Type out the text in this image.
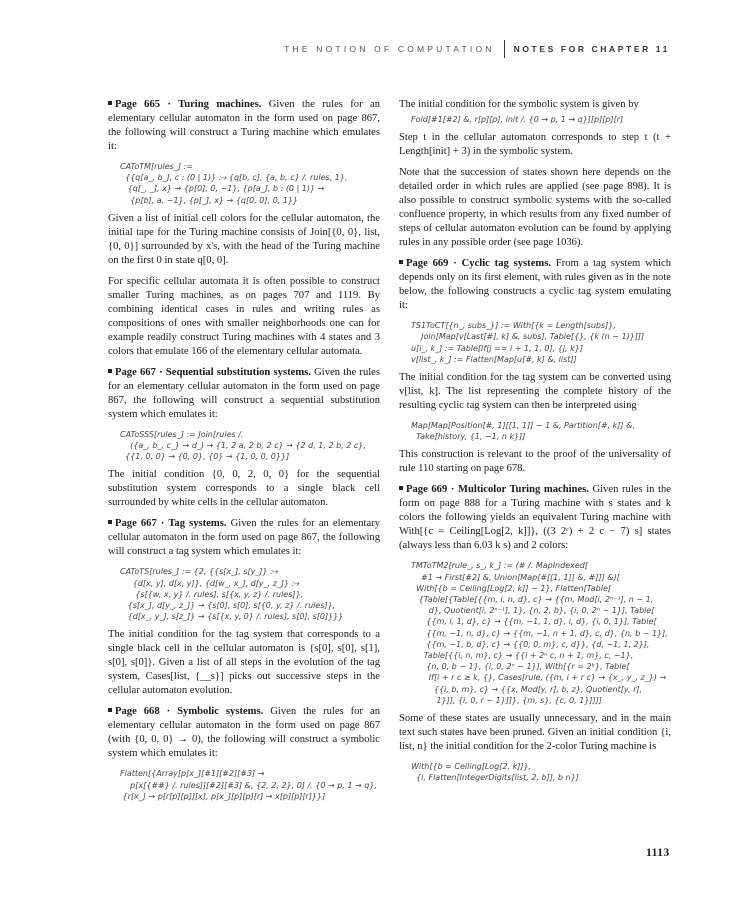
THE NOTION OF COMPUTATION NOTES FOR CHAPTER 11

Page 665 · Turing machines. Given the rules for an elementary cellular automaton in the form used on page 867, the following will construct a Turing machine which emulates it:

CAToTM[rules_] :=
{{q[a_, b_], c : (0 | 1)} ⧴ {q[b, c], {a, b, c} /. rules, 1},
{q[_, _], x} → {p[0], 0, −1}, {p[a_], b : (0 | 1)} →
{p[b], a, −1}, {p[_], x} → {q[0, 0], 0, 1}}

Given a list of initial cell colors for the cellular automaton, the initial tape for the Turing machine consists of Join[{0, 0}, list, {0, 0}] surrounded by x's, with the head of the Turing machine on the first 0 in state q[0, 0].

For specific cellular automata it is often possible to construct smaller Turing machines, as on pages 707 and 1119. By combining identical cases in rules and writing rules as compositions of ones with smaller neighborhoods one can for example readily construct Turing machines with 4 states and 3 colors that emulate 166 of the elementary cellular automata.

Page 667 · Sequential substitution systems. Given the rules for an elementary cellular automaton in the form used on page 867, the following will construct a sequential substitution system which emulates it:

CAToSSS[rules_] := Join[rules /.
({a_, b_, c_} → d_) → {1, 2 a, 2 b, 2 c} → {2 d, 1, 2 b, 2 c},
{{1, 0, 0} → {0, 0}, {0} → {1, 0, 0, 0}}]

The initial condition {0, 0, 2, 0, 0} for the sequential substitution system corresponds to a single black cell surrounded by white cells in the cellular automaton.

Page 667 · Tag systems. Given the rules for an elementary cellular automaton in the form used on page 867, the following will construct a tag system which emulates it:

CAToTS[rules_] := {2, {{s[x_], s[y_]} ⧴
{d[x, y], d[x, y]}, {d[w_, x_], d[y_, z_]} ⧴
{s[{w, x, y} /. rules], s[{x, y, z} /. rules]},
{s[x_], d[y_, z_]} → {s[0], s[0], s[{0, y, z} /. rules]},
{d[x_, y_], s[z_]} → {s[{x, y, 0} /. rules], s[0], s[0]}}}

The initial condition for the tag system that corresponds to a single black cell in the cellular automaton is {s[0], s[0], s[1], s[0], s[0]}. Given a list of all steps in the evolution of the tag system, Cases[list, {__s}] picks out successive steps in the cellular automaton evolution.

Page 668 · Symbolic systems. Given the rules for an elementary cellular automaton in the form used on page 867 (with {0, 0, 0} → 0), the following will construct a symbolic system which emulates it:

Flatten[{Array[p[x_][#1][#2][#3] →
p[x[{##} /. rules]][#2][#3] &, {2, 2, 2}, 0] /. {0 → p, 1 → q},
{r[x_] → p[r[p][p]][x], p[x_][p][p][r] → x[p][p][r]}}]

The initial condition for the symbolic system is given by

Fold[#1[#2] &, r[p][p], init /. {0 → p, 1 → q}][p][p][r]

Step t in the cellular automaton corresponds to step t (t + Length[init] + 3) in the symbolic system.

Note that the succession of states shown here depends on the detailed order in which rules are applied (see page 898). It is also possible to construct symbolic systems with the so-called confluence property, in which results from any fixed number of steps of cellular automaton evolution can be found by applying rules in any possible order (see page 1036).

Page 669 · Cyclic tag systems. From a tag system which depends only on its first element, with rules given as in the note below, the following constructs a cyclic tag system emulating it:

TS1ToCT[{n_, subs_}] := With[{k = Length[subs]},
Join[Map[v[Last[#], k] &, subs], Table[{}, {k (n − 1)}]]]
u[i_, k_] := Table[If[j == i + 1, 1, 0], {j, k}]
v[list_, k_] := Flatten[Map[u[#, k] &, list]]

The initial condition for the tag system can be converted using v[list, k]. The list representing the complete history of the resulting cyclic tag system can then be interpreted using

Map[Map[Position[#, 1][[1, 1]] − 1 &, Partition[#, k]] &,
Take[history, {1, −1, n k}]]

This construction is relevant to the proof of the universality of rule 110 starting on page 678.

Page 669 · Multicolor Turing machines. Given rules in the form on page 888 for a Turing machine with s states and k colors the following yields an equivalent Turing machine with With[{c = Ceiling[Log[2, k]]}, ((3 2ᶜ) + 2 c − 7) s] states (always less than 6.03 k s) and 2 colors:

TMToTM2[rule_, s_, k_] := (# /. MapIndexed[
#1 → First[#2] &, Union[Map[#[[1, 1]] &, #]]] &)[
With[{b = Ceiling[Log[2, k]] − 1}, Flatten[Table[
{Table[{Table[{{m, i, n, d}, c} → {{m, Mod[i, 2ⁿ⁻¹], n − 1,
d}, Quotient[i, 2ⁿ⁻¹], 1}, {n, 2, b}, {i, 0, 2ⁿ − 1}], Table[
{{m, i, 1, d}, c} → {{m, −1, 1, d}, i, d}, {i, 0, 1}], Table[
{{m, −1, n, d}, c} → {{m, −1, n + 1, d}, c, d}, {n, b − 1}],
{{m, −1, b, d}, c} → {{0, 0, m}, c, d}}, {d, −1, 1, 2}],
Table[{{i, n, m}, c} → {{i + 2ⁿ c, n + 1, m}, c, −1},
{n, 0, b − 1}, {i, 0, 2ⁿ − 1}], With[{r = 2ᵇ}, Table[
If[i + r c ≥ k, {}, Cases[rule, ({m, i + r c} → {x_, y_, z_}) →
{{i, b, m}, c} → {{x, Mod[y, r], b, z}, Quotient[y, r],
1}]], {i, 0, r − 1}]]}, {m, s}, {c, 0, 1}]]]]

Some of these states are usually unnecessary, and in the main text such states have been pruned. Given an initial condition {i, list, n} the initial condition for the 2-color Turing machine is

With[{b = Ceiling[Log[2, k]]},
{i, Flatten[IntegerDigits[list, 2, b]], b n}]
1113
